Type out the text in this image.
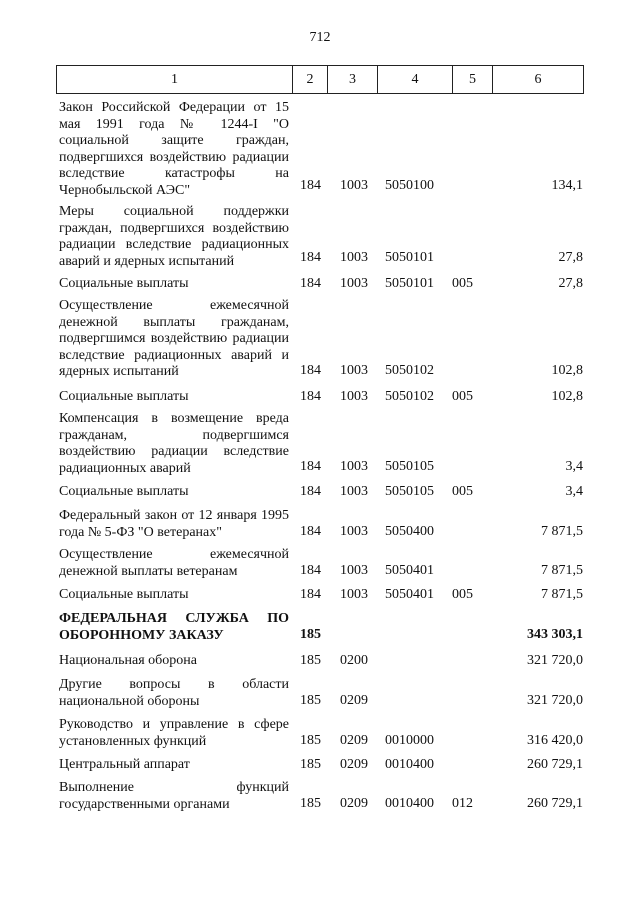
712
1	2	3	4	5	6
Закон Российской Федерации от 15 мая 1991 года № 1244-I "О социальной защите граждан, подвергшихся воздействию радиации вследствие катастрофы на Чернобыльской АЭС"	184 1003 5050100	134,1
Меры социальной поддержки граждан, подвергшихся воздействию радиации вследствие радиационных аварий и ядерных испытаний	184 1003 5050101	27,8
Социальные выплаты	184 1003 5050101 005	27,8
Осуществление ежемесячной денежной выплаты гражданам, подвергшимся воздействию радиации вследствие радиационных аварий и ядерных испытаний	184 1003 5050102	102,8
Социальные выплаты	184 1003 5050102 005	102,8
Компенсация в возмещение вреда гражданам, подвергшимся воздействию радиации вследствие радиационных аварий	184 1003 5050105	3,4
Социальные выплаты	184 1003 5050105 005	3,4
Федеральный закон от 12 января 1995 года № 5-ФЗ "О ветеранах"	184 1003 5050400	7 871,5
Осуществление ежемесячной денежной выплаты ветеранам	184 1003 5050401	7 871,5
Социальные выплаты	184 1003 5050401 005	7 871,5
ФЕДЕРАЛЬНАЯ СЛУЖБА ПО ОБОРОННОМУ ЗАКАЗУ	185	343 303,1
Национальная оборона	185 0200	321 720,0
Другие вопросы в области национальной обороны	185 0209	321 720,0
Руководство и управление в сфере установленных функций	185 0209 0010000	316 420,0
Центральный аппарат	185 0209 0010400	260 729,1
Выполнение функций государственными органами	185 0209 0010400 012	260 729,1
